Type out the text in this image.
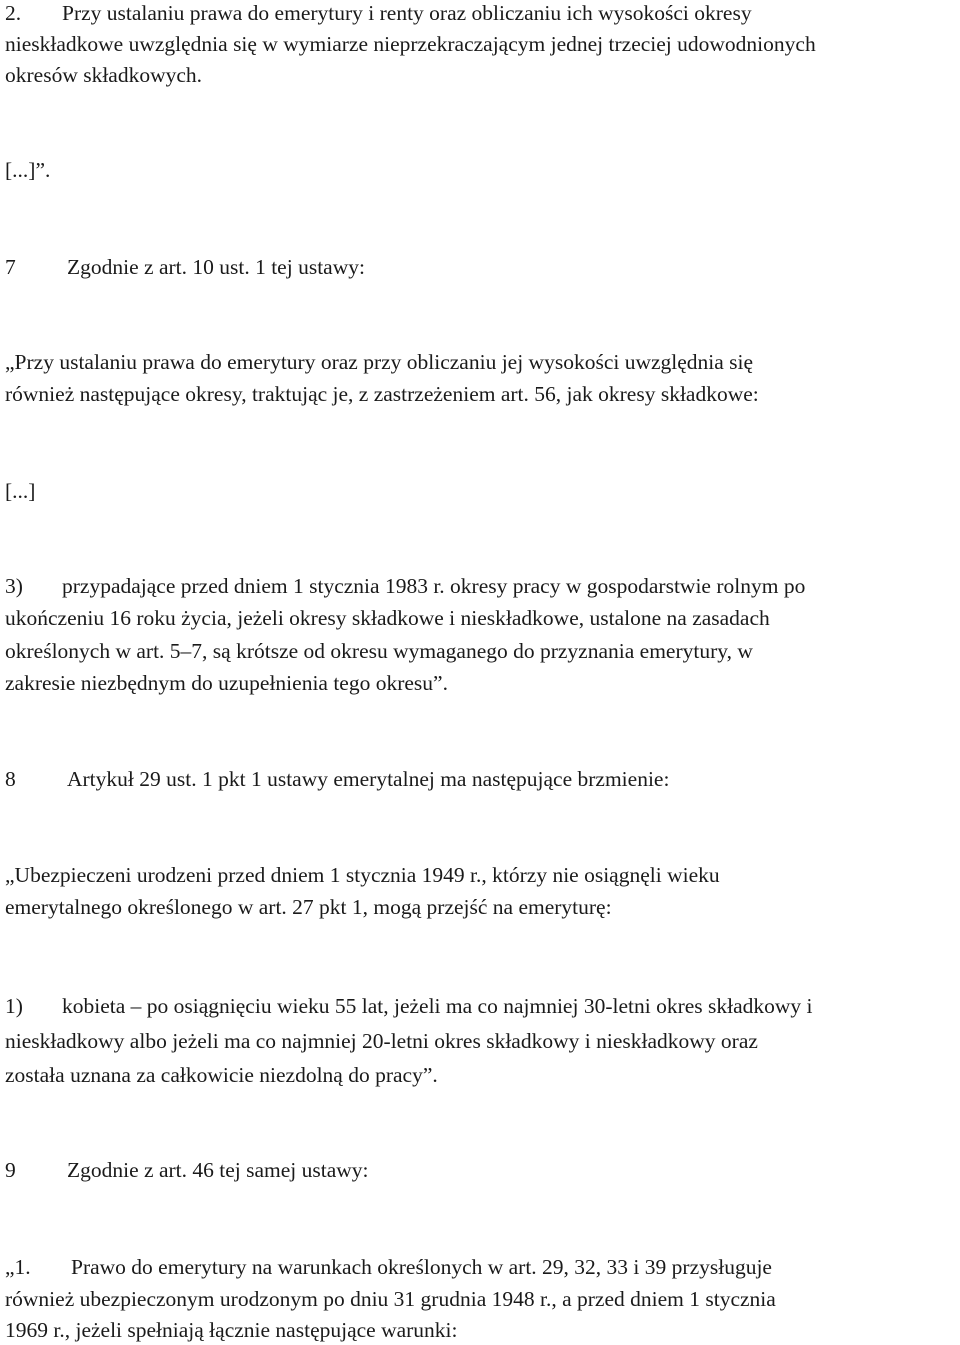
2. Przy ustalaniu prawa do emerytury i renty oraz obliczaniu ich wysokości okresy
nieskładkowe uwzględnia się w wymiarze nieprzekraczającym jednej trzeciej udowodnionych
okresów składkowych.
[...]”.
7 Zgodnie z art. 10 ust. 1 tej ustawy:
„Przy ustalaniu prawa do emerytury oraz przy obliczaniu jej wysokości uwzględnia się
również następujące okresy, traktując je, z zastrzeżeniem art. 56, jak okresy składkowe:
[...]
3) przypadające przed dniem 1 stycznia 1983 r. okresy pracy w gospodarstwie rolnym po
ukończeniu 16 roku życia, jeżeli okresy składkowe i nieskładkowe, ustalone na zasadach
określonych w art. 5–7, są krótsze od okresu wymaganego do przyznania emerytury, w
zakresie niezbędnym do uzupełnienia tego okresu”.
8 Artykuł 29 ust. 1 pkt 1 ustawy emerytalnej ma następujące brzmienie:
„Ubezpieczeni urodzeni przed dniem 1 stycznia 1949 r., którzy nie osiągnęli wieku
emerytalnego określonego w art. 27 pkt 1, mogą przejść na emeryturę:
1) kobieta – po osiągnięciu wieku 55 lat, jeżeli ma co najmniej 30‑letni okres składkowy i
nieskładkowy albo jeżeli ma co najmniej 20‑letni okres składkowy i nieskładkowy oraz
została uznana za całkowicie niezdolną do pracy”.
9 Zgodnie z art. 46 tej samej ustawy:
„1. Prawo do emerytury na warunkach określonych w art. 29, 32, 33 i 39 przysługuje
również ubezpieczonym urodzonym po dniu 31 grudnia 1948 r., a przed dniem 1 stycznia
1969 r., jeżeli spełniają łącznie następujące warunki:
